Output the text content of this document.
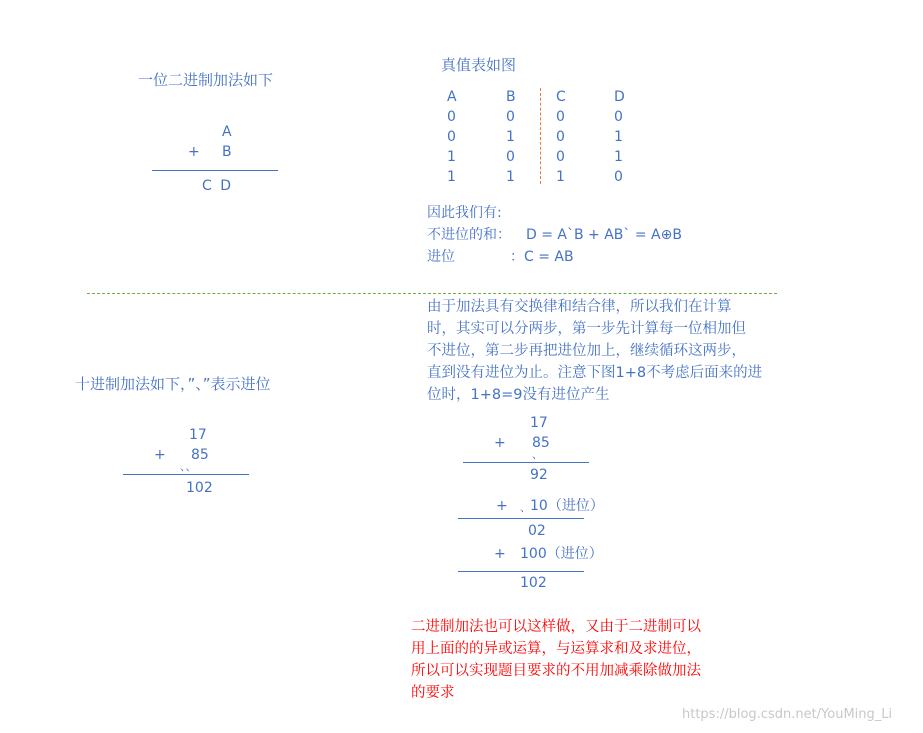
一位二进制加法如下
A
+ B
C D
真值表如图
A	B	C	D
0	0	0	0
0	1	0	1
1	0	0	1
1	1	1	0
因此我们有:
不进位的和： D = A`B + AB` = A⊕B
进位	：C = AB
由于加法具有交换律和结合律，所以我们在计算
时，其实可以分两步，第一步先计算每一位相加但
不进位，第二步再把进位加上，继续循环这两步，
直到没有进位为止。注意下图1+8不考虑后面来的进
位时，1+8=9没有进位产生
十进制加法如下，”、”表示进位
17
+ 85
、、
102
17
+ 85
、
92
+ 、 10（进位）
02
+ 100（进位）
102
二进制加法也可以这样做，又由于二进制可以
用上面的的异或运算，与运算求和及求进位，
所以可以实现题目要求的不用加减乘除做加法
的要求
https://blog.csdn.net/YouMing_Li
